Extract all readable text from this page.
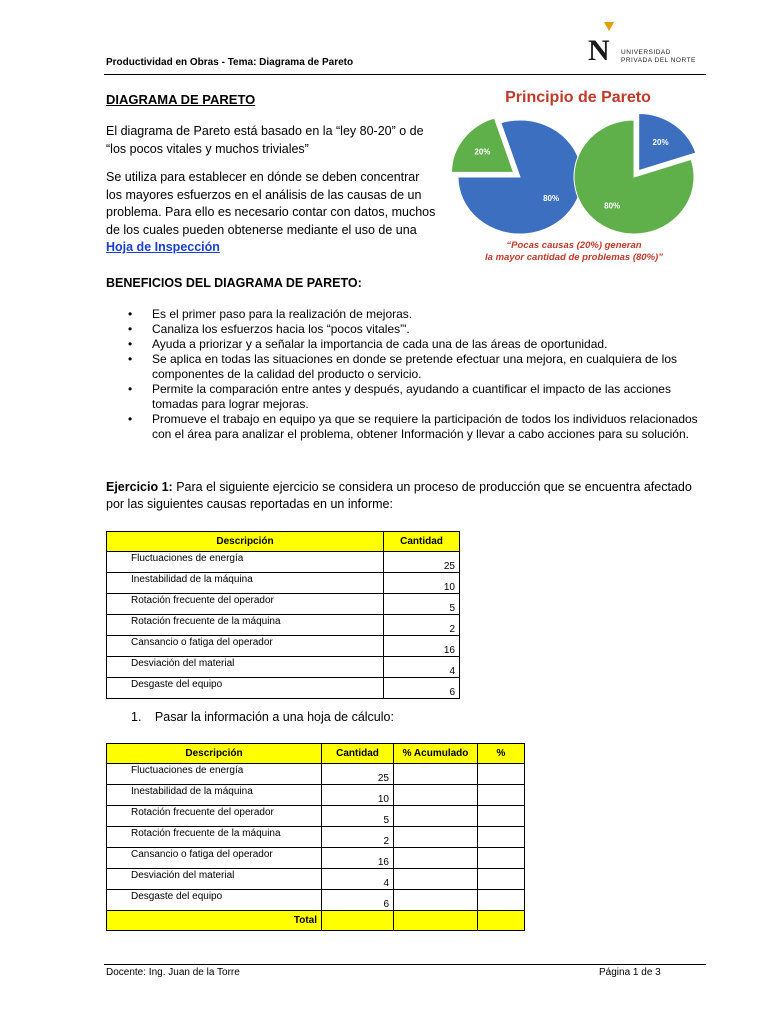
Productividad en Obras - Tema: Diagrama de Pareto	N UNIVERSIDAD
PRIVADA DEL NORTE
DIAGRAMA DE PARETO
El diagrama de Pareto está basado en la “ley 80-20” o de “los pocos vitales y muchos triviales”
Se utiliza para establecer en dónde se deben concentrar los mayores esfuerzos en el análisis de las causas de un problema. Para ello es necesario contar con datos, muchos de los cuales pueden obtenerse mediante el uso de una Hoja de Inspección
Principio de Pareto
20%
80%
20%
80%
“Pocas causas (20%) generan
la mayor cantidad de problemas (80%)”
BENEFICIOS DEL DIAGRAMA DE PARETO:
• Es el primer paso para la realización de mejoras.
• Canaliza los esfuerzos hacia los “pocos vitales”'.
• Ayuda a priorizar y a señalar la importancia de cada una de las áreas de oportunidad.
• Se aplica en todas las situaciones en donde se pretende efectuar una mejora, en cualquiera de los componentes de la calidad del producto o servicio.
• Permite la comparación entre antes y después, ayudando a cuantificar el impacto de las acciones tomadas para lograr mejoras.
• Promueve el trabajo en equipo ya que se requiere la participación de todos los individuos relacionados con el área para analizar el problema, obtener Información y llevar a cabo acciones para su solución.
Ejercicio 1: Para el siguiente ejercicio se considera un proceso de producción que se encuentra afectado por las siguientes causas reportadas en un informe:
Descripción	Cantidad
Fluctuaciones de energía	25
Inestabilidad de la máquina	10
Rotación frecuente del operador	5
Rotación frecuente de la máquina	2
Cansancio o fatiga del operador	16
Desviación del material	4
Desgaste del equipo	6
1. Pasar la información a una hoja de cálculo:
Descripción	Cantidad	% Acumulado	%
Fluctuaciones de energía	25		
Inestabilidad de la máquina	10		
Rotación frecuente del operador	5		
Rotación frecuente de la máquina	2		
Cansancio o fatiga del operador	16		
Desviación del material	4		
Desgaste del equipo	6		
Total			
Docente: Ing. Juan de la Torre	Página 1 de 3
